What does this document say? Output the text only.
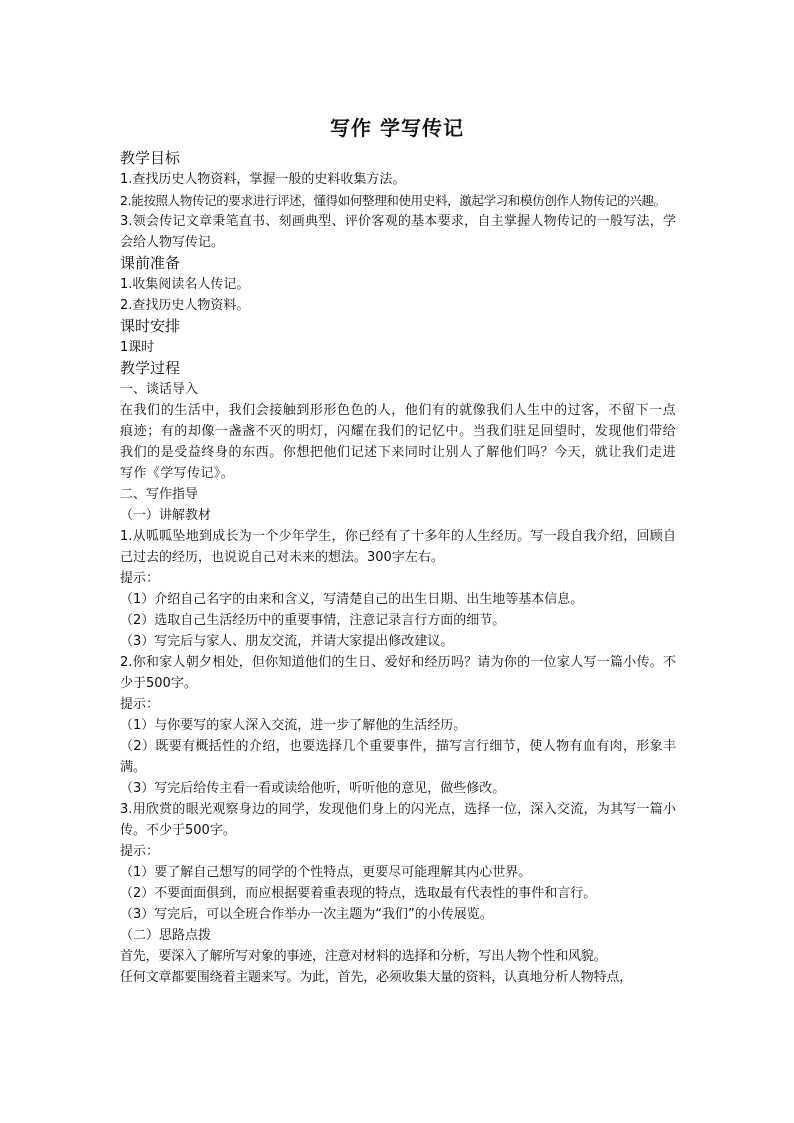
写作 学写传记
教学目标
1.查找历史人物资料，掌握一般的史料收集方法。
2.能按照人物传记的要求进行评述，懂得如何整理和使用史料，激起学习和模仿创作人物传记的兴趣。
3.领会传记文章秉笔直书、刻画典型、评价客观的基本要求，自主掌握人物传记的一般写法，学会给人物写传记。
课前准备
1.收集阅读名人传记。
2.查找历史人物资料。
课时安排
1课时
教学过程
一、谈话导入
在我们的生活中，我们会接触到形形色色的人，他们有的就像我们人生中的过客，不留下一点痕迹；有的却像一盏盏不灭的明灯，闪耀在我们的记忆中。当我们驻足回望时，发现他们带给我们的是受益终身的东西。你想把他们记述下来同时让别人了解他们吗？今天，就让我们走进写作《学写传记》。
二、写作指导
（一）讲解教材
1.从呱呱坠地到成长为一个少年学生，你已经有了十多年的人生经历。写一段自我介绍，回顾自己过去的经历，也说说自己对未来的想法。300字左右。
提示：
（1）介绍自己名字的由来和含义，写清楚自己的出生日期、出生地等基本信息。
（2）选取自己生活经历中的重要事情，注意记录言行方面的细节。
（3）写完后与家人、朋友交流，并请大家提出修改建议。
2.你和家人朝夕相处，但你知道他们的生日、爱好和经历吗？请为你的一位家人写一篇小传。不少于500字。
提示：
（1）与你要写的家人深入交流，进一步了解他的生活经历。
（2）既要有概括性的介绍，也要选择几个重要事件，描写言行细节，使人物有血有肉，形象丰满。
（3）写完后给传主看一看或读给他听，听听他的意见，做些修改。
3.用欣赏的眼光观察身边的同学，发现他们身上的闪光点，选择一位，深入交流，为其写一篇小传。不少于500字。
提示：
（1）要了解自己想写的同学的个性特点，更要尽可能理解其内心世界。
（2）不要面面俱到，而应根据要着重表现的特点，选取最有代表性的事件和言行。
（3）写完后，可以全班合作举办一次主题为“我们”的小传展览。
（二）思路点拨
首先，要深入了解所写对象的事迹，注意对材料的选择和分析，写出人物个性和风貌。
任何文章都要围绕着主题来写。为此，首先，必须收集大量的资料，认真地分析人物特点，
